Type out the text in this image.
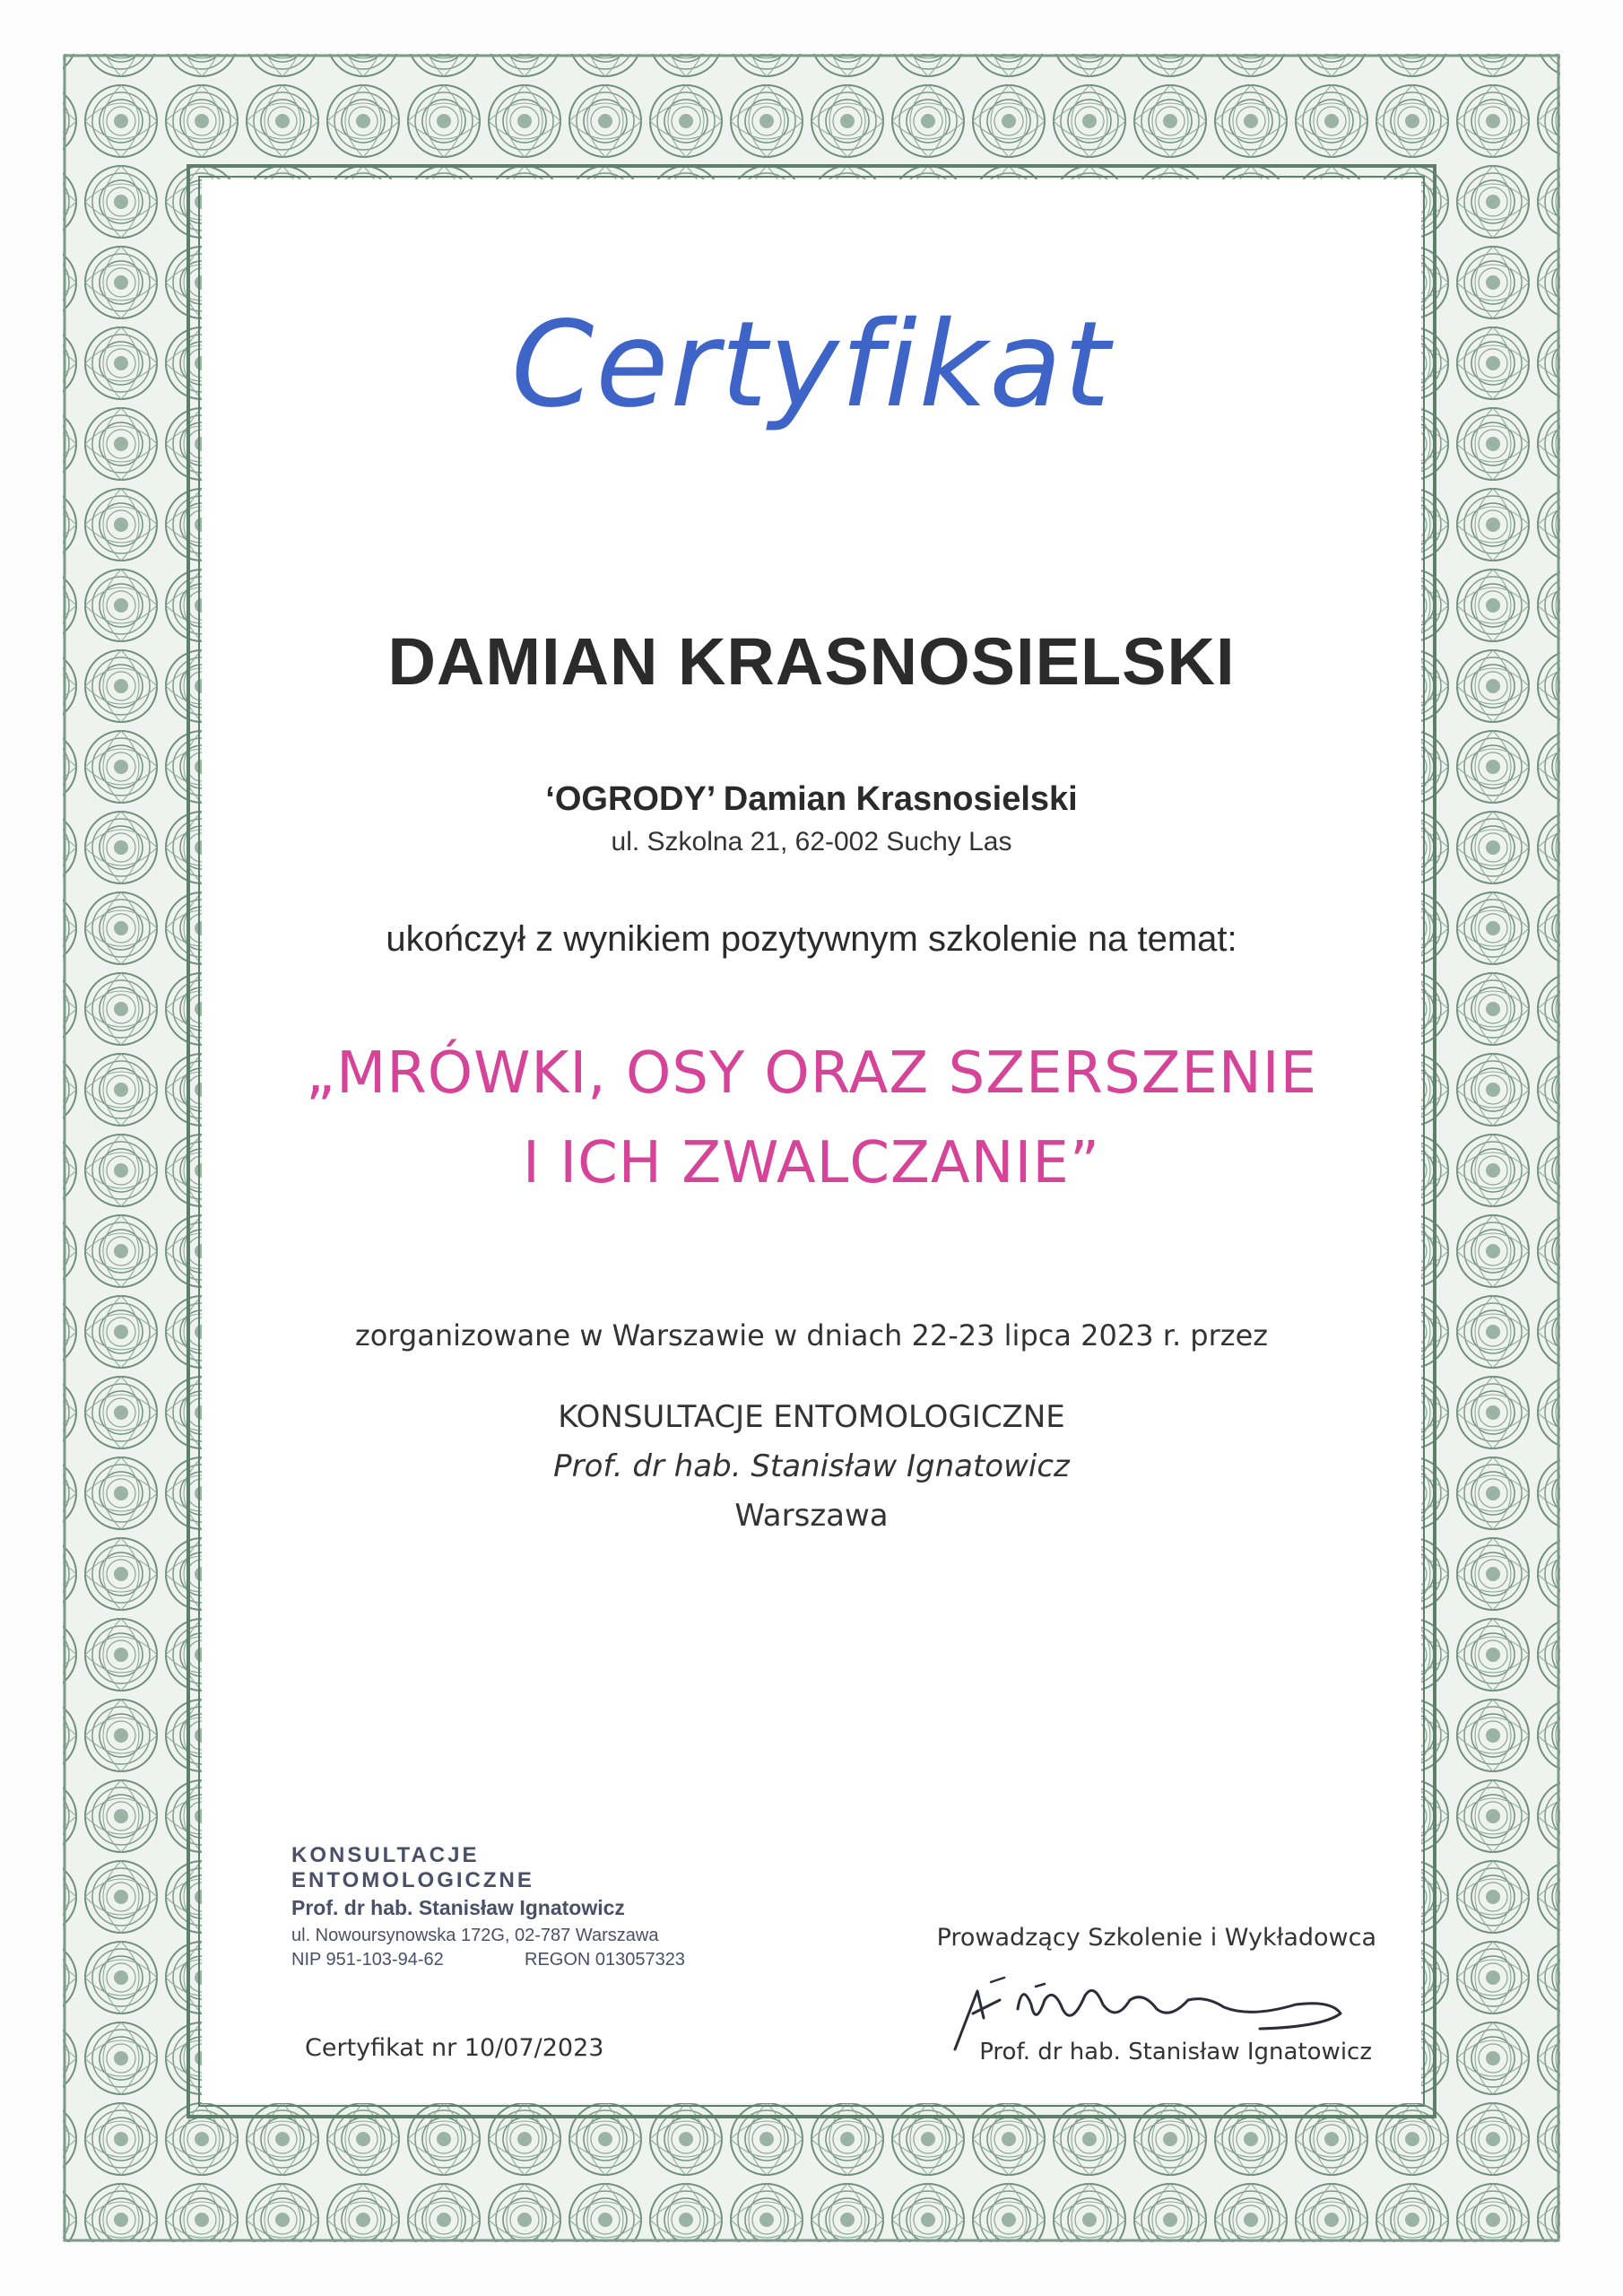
Certyfikat
DAMIAN KRASNOSIELSKI
‘OGRODY’ Damian Krasnosielski
ul. Szkolna 21, 62-002 Suchy Las
ukończył z wynikiem pozytywnym szkolenie na temat:
„MRÓWKI, OSY ORAZ SZERSZENIE
I ICH ZWALCZANIE”
zorganizowane w Warszawie w dniach 22-23 lipca 2023 r. przez
KONSULTACJE ENTOMOLOGICZNE
Prof. dr hab. Stanisław Ignatowicz
Warszawa
KONSULTACJE ENTOMOLOGICZNE
Prof. dr hab. Stanisław Ignatowicz
ul. Nowoursynowska 172G, 02-787 Warszawa
NIP 951-103-94-62	REGON 013057323
Certyfikat nr 10/07/2023
Prowadzący Szkolenie i Wykładowca
Prof. dr hab. Stanisław Ignatowicz
